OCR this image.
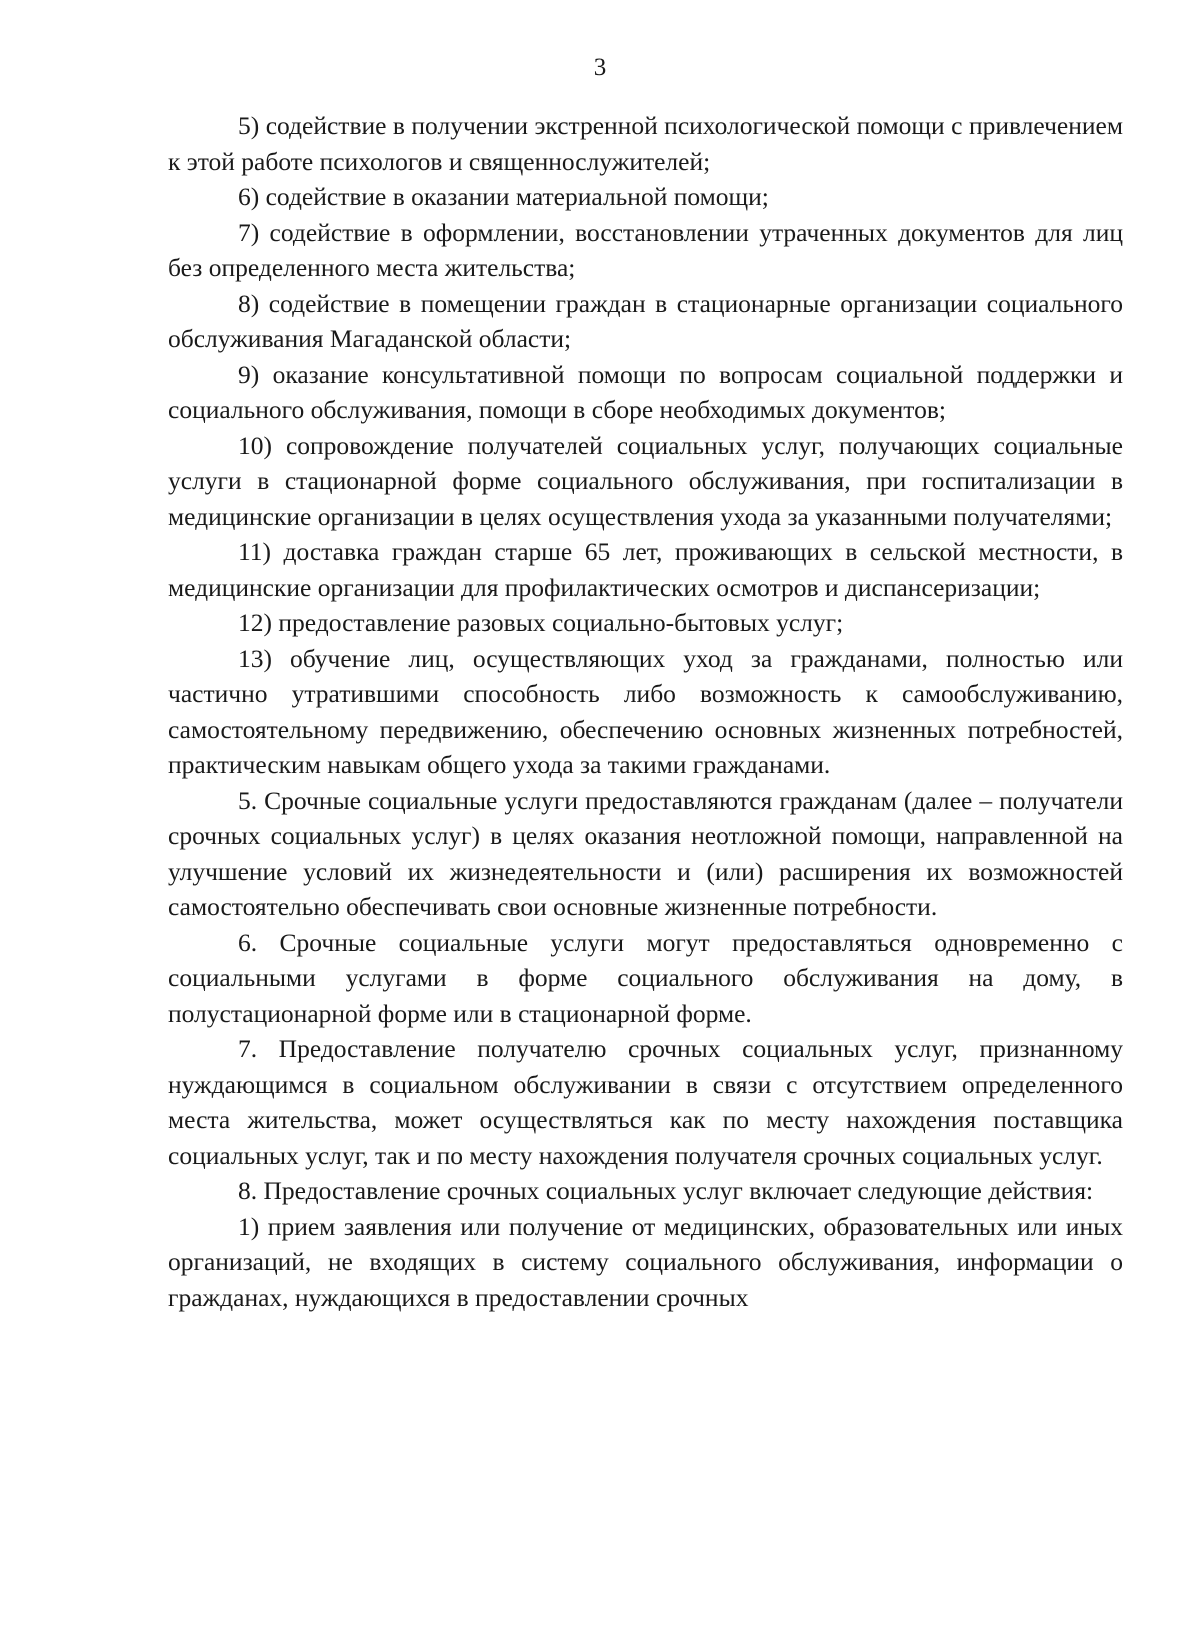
3

5) содействие в получении экстренной психологической помощи с привлечением к этой работе психологов и священнослужителей;

6) содействие в оказании материальной помощи;

7) содействие в оформлении, восстановлении утраченных документов для лиц без определенного места жительства;

8) содействие в помещении граждан в стационарные организации социального обслуживания Магаданской области;

9) оказание консультативной помощи по вопросам социальной поддержки и социального обслуживания, помощи в сборе необходимых документов;

10) сопровождение получателей социальных услуг, получающих социальные услуги в стационарной форме социального обслуживания, при госпитализации в медицинские организации в целях осуществления ухода за указанными получателями;

11) доставка граждан старше 65 лет, проживающих в сельской местности, в медицинские организации для профилактических осмотров и диспансеризации;

12) предоставление разовых социально-бытовых услуг;

13) обучение лиц, осуществляющих уход за гражданами, полностью или частично утратившими способность либо возможность к самообслуживанию, самостоятельному передвижению, обеспечению основных жизненных потребностей, практическим навыкам общего ухода за такими гражданами.

5. Срочные социальные услуги предоставляются гражданам (далее – получатели срочных социальных услуг) в целях оказания неотложной помощи, направленной на улучшение условий их жизнедеятельности и (или) расширения их возможностей самостоятельно обеспечивать свои основные жизненные потребности.

6. Срочные социальные услуги могут предоставляться одновременно с социальными услугами в форме социального обслуживания на дому, в полустационарной форме или в стационарной форме.

7. Предоставление получателю срочных социальных услуг, признанному нуждающимся в социальном обслуживании в связи с отсутствием определенного места жительства, может осуществляться как по месту нахождения поставщика социальных услуг, так и по месту нахождения получателя срочных социальных услуг.

8. Предоставление срочных социальных услуг включает следующие действия:

1) прием заявления или получение от медицинских, образовательных или иных организаций, не входящих в систему социального обслуживания, информации о гражданах, нуждающихся в предоставлении срочных
